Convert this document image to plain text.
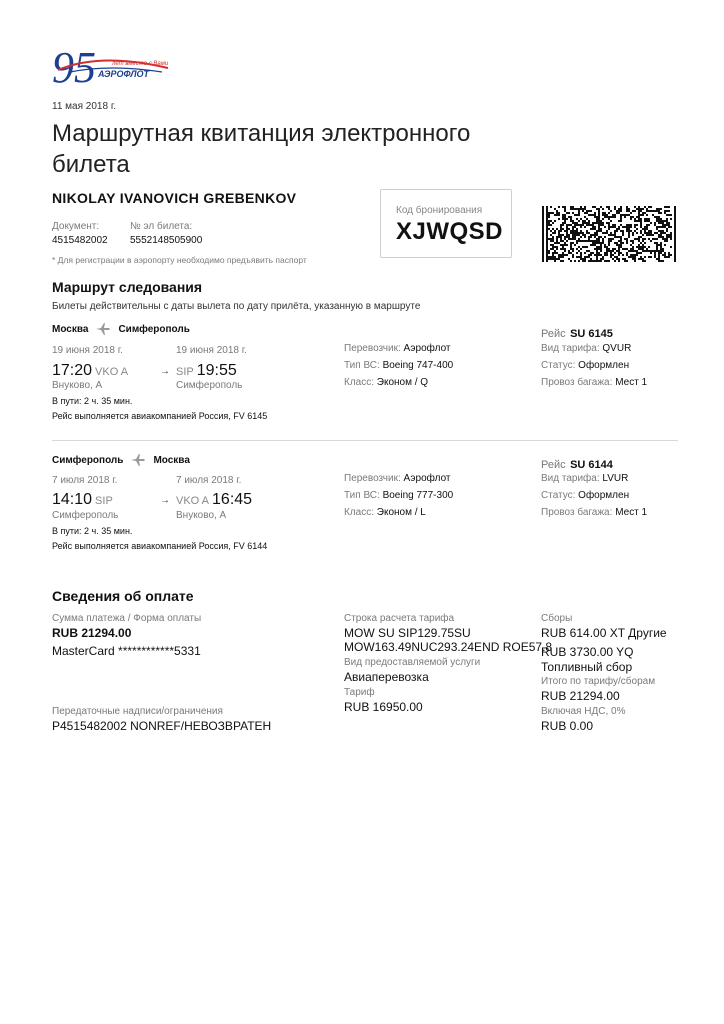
95	лет вместе с Вами
АЭРОФЛОТ
11 мая 2018 г.
Маршрутная квитанция электронного билета
NIKOLAY IVANOVICH GREBENKOV
Документ:
4515482002
№ эл билета:
5552148505900
* Для регистрации в аэропорту необходимо предъявить паспорт
Код бронирования
XJWQSD
Маршрут следования
Билеты действительны с даты вылета по дату прилёта, указанную в маршруте
Москва	Симферополь
19 июня 2018 г.	19 июня 2018 г.
17:20 VKO A	→ SIP 19:55
Внуково, А	Симферополь
В пути: 2 ч. 35 мин.
Рейс выполняется авиакомпанией Россия, FV 6145
Перевозчик: Аэрофлот
Тип ВС: Boeing 747-400
Класс: Эконом / Q
Рейс SU 6145
Вид тарифа: QVUR
Статус: Оформлен
Провоз багажа: Мест 1
Симферополь	Москва
7 июля 2018 г.	7 июля 2018 г.
14:10 SIP	→ VKO A 16:45
Симферополь	Внуково, А
В пути: 2 ч. 35 мин.
Рейс выполняется авиакомпанией Россия, FV 6144
Перевозчик: Аэрофлот
Тип ВС: Boeing 777-300
Класс: Эконом / L
Рейс SU 6144
Вид тарифа: LVUR
Статус: Оформлен
Провоз багажа: Мест 1
Сведения об оплате
Сумма платежа / Форма оплаты
RUB 21294.00
MasterCard ************5331
Передаточные надписи/ограничения
P4515482002 NONREF/НЕВОЗВРАТЕН
Строка расчета тарифа
MOW SU SIP129.75SU
MOW163.49NUC293.24END ROE57.8
Вид предоставляемой услуги
Авиаперевозка
Тариф
RUB 16950.00
Сборы
RUB 614.00 XT Другие
RUB 3730.00 YQ
Топливный сбор
Итого по тарифу/сборам
RUB 21294.00
Включая НДС, 0%
RUB 0.00
